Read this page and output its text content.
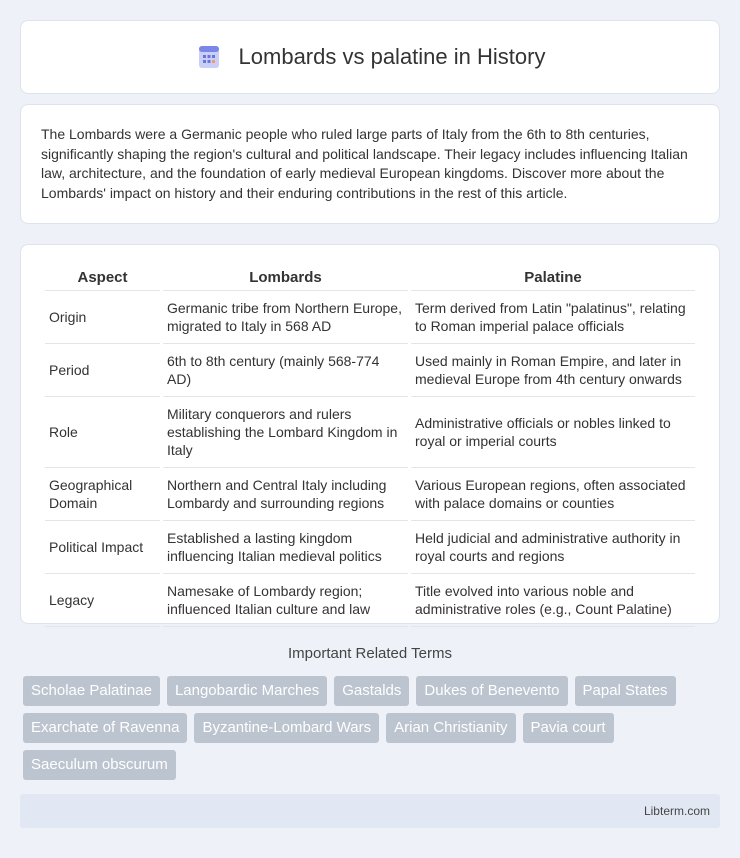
Lombards vs palatine in History

The Lombards were a Germanic people who ruled large parts of Italy from the 6th to 8th centuries, significantly shaping the region's cultural and political landscape. Their legacy includes influencing Italian law, architecture, and the foundation of early medieval European kingdoms. Discover more about the Lombards' impact on history and their enduring contributions in the rest of this article.

Aspect	Lombards	Palatine
Origin	Germanic tribe from Northern Europe, migrated to Italy in 568 AD	Term derived from Latin "palatinus", relating to Roman imperial palace officials
Period	6th to 8th century (mainly 568-774 AD)	Used mainly in Roman Empire, and later in medieval Europe from 4th century onwards
Role	Military conquerors and rulers establishing the Lombard Kingdom in Italy	Administrative officials or nobles linked to royal or imperial courts
Geographical Domain	Northern and Central Italy including Lombardy and surrounding regions	Various European regions, often associated with palace domains or counties
Political Impact	Established a lasting kingdom influencing Italian medieval politics	Held judicial and administrative authority in royal courts and regions
Legacy	Namesake of Lombardy region; influenced Italian culture and law	Title evolved into various noble and administrative roles (e.g., Count Palatine)
Important Related Terms
Scholae Palatinae	Langobardic Marches	Gastalds	Dukes of Benevento	Papal States
Exarchate of Ravenna	Byzantine-Lombard Wars	Arian Christianity	Pavia court
Saeculum obscurum
Libterm.com
